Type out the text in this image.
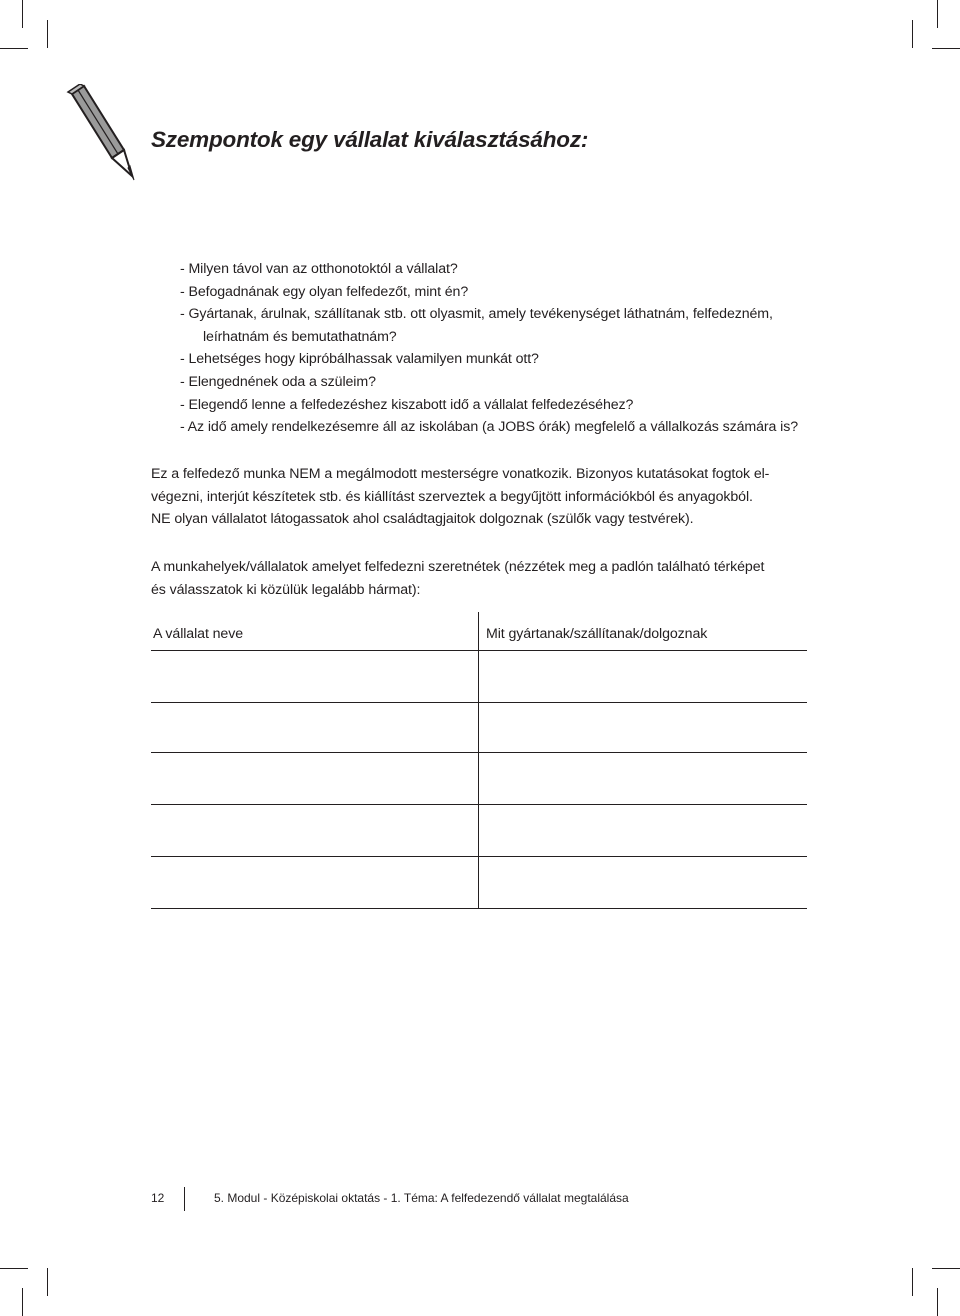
Szempontok egy vállalat kiválasztásához:
- Milyen távol van az otthonotoktól a vállalat?
- Befogadnának egy olyan felfedezőt, mint én?
- Gyártanak, árulnak, szállítanak stb. ott olyasmit, amely tevékenységet láthatnám, felfedezném,
leírhatnám és bemutathatnám?
- Lehetséges hogy kipróbálhassak valamilyen munkát ott?
- Elengednének oda a szüleim?
- Elegendő lenne a felfedezéshez kiszabott idő a vállalat felfedezéséhez?
- Az idő amely rendelkezésemre áll az iskolában (a JOBS órák) megfelelő a vállalkozás számára is?

Ez a felfedező munka NEM a megálmodott mesterségre vonatkozik. Bizonyos kutatásokat fogtok el-
végezni, interjút készítetek stb. és kiállítást szerveztek a begyűjtött információkból és anyagokból.
NE olyan vállalatot látogassatok ahol családtagjaitok dolgoznak (szülők vagy testvérek).

A munkahelyek/vállalatok amelyet felfedezni szeretnétek (nézzétek meg a padlón található térképet
és válasszatok ki közülük legalább hármat):

A vállalat neve	Mit gyártanak/szállítanak/dolgoznak
12	5. Modul - Középiskolai oktatás - 1. Téma: A felfedezendő vállalat megtalálása
